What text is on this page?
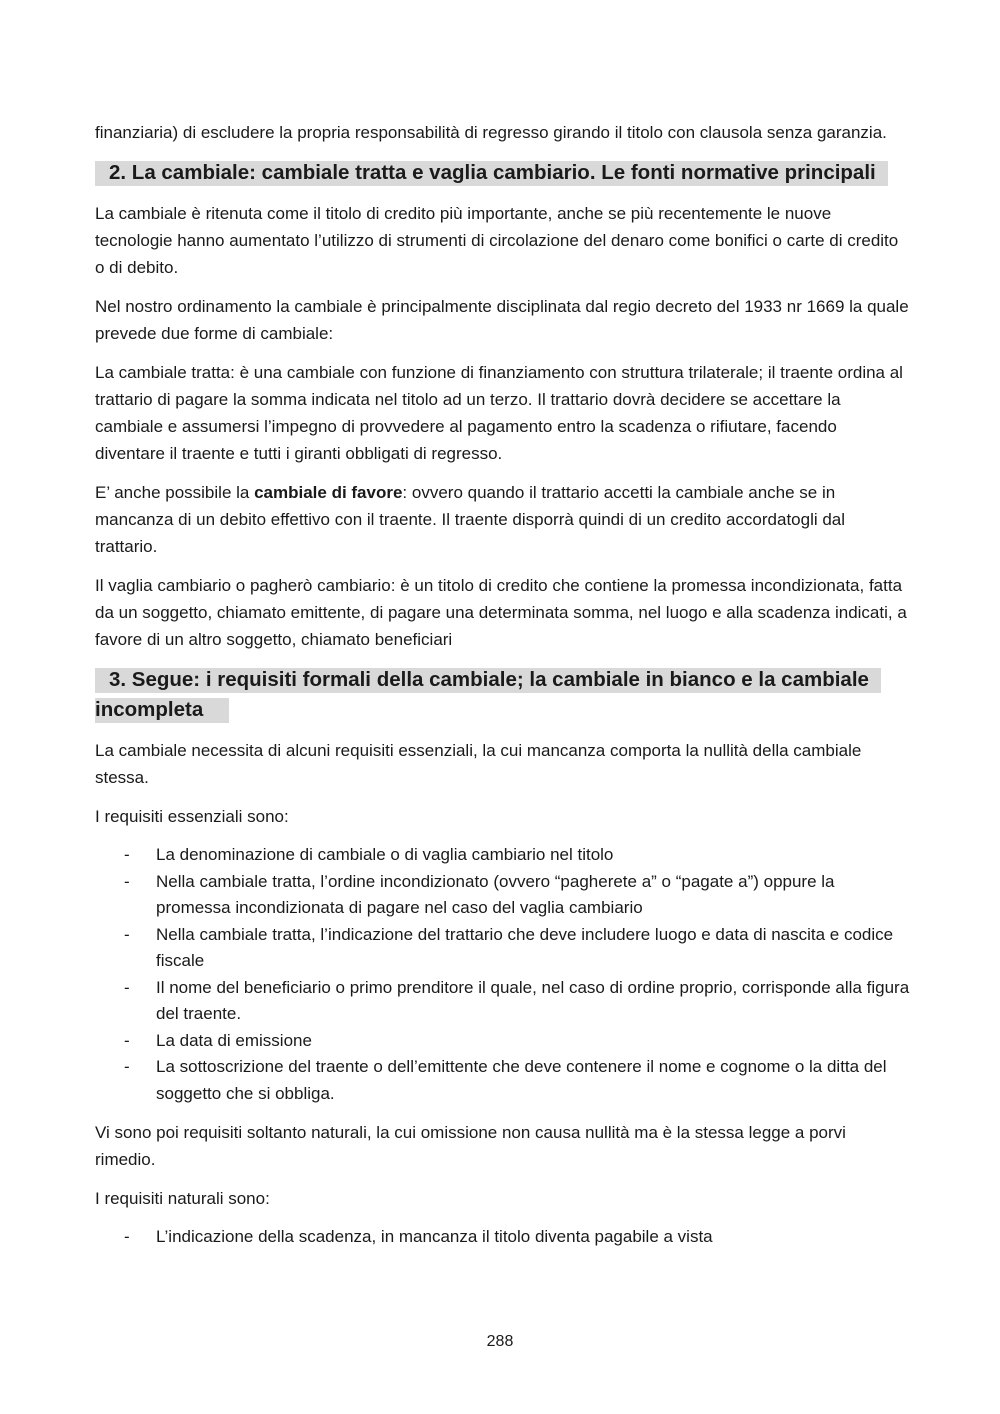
finanziaria) di escludere la propria responsabilità di regresso girando il titolo con clausola senza garanzia.

2. La cambiale: cambiale tratta e vaglia cambiario. Le fonti normative principali

La cambiale è ritenuta come il titolo di credito più importante, anche se più recentemente le nuove tecnologie hanno aumentato l’utilizzo di strumenti di circolazione del denaro come bonifici o carte di credito o di debito.

Nel nostro ordinamento la cambiale è principalmente disciplinata dal regio decreto del 1933 nr 1669 la quale prevede due forme di cambiale:

La cambiale tratta: è una cambiale con funzione di finanziamento con struttura trilaterale; il traente ordina al trattario di pagare la somma indicata nel titolo ad un terzo. Il trattario dovrà decidere se accettare la cambiale e assumersi l’impegno di provvedere al pagamento entro la scadenza o rifiutare, facendo diventare il traente e tutti i giranti obbligati di regresso.

E’ anche possibile la cambiale di favore: ovvero quando il trattario accetti la cambiale anche se in mancanza di un debito effettivo con il traente. Il traente disporrà quindi di un credito accordatogli dal trattario.

Il vaglia cambiario o pagherò cambiario: è un titolo di credito che contiene la promessa incondizionata, fatta da un soggetto, chiamato emittente, di pagare una determinata somma, nel luogo e alla scadenza indicati, a favore di un altro soggetto, chiamato beneficiari

3. Segue: i requisiti formali della cambiale; la cambiale in bianco e la cambiale
incompleta

La cambiale necessita di alcuni requisiti essenziali, la cui mancanza comporta la nullità della cambiale stessa.

I requisiti essenziali sono:

- La denominazione di cambiale o di vaglia cambiario nel titolo
- Nella cambiale tratta, l’ordine incondizionato (ovvero “pagherete a” o “pagate a”) oppure la promessa incondizionata di pagare nel caso del vaglia cambiario
- Nella cambiale tratta, l’indicazione del trattario che deve includere luogo e data di nascita e codice fiscale
- Il nome del beneficiario o primo prenditore il quale, nel caso di ordine proprio, corrisponde alla figura del traente.
- La data di emissione
- La sottoscrizione del traente o dell’emittente che deve contenere il nome e cognome o la ditta del soggetto che si obbliga.

Vi sono poi requisiti soltanto naturali, la cui omissione non causa nullità ma è la stessa legge a porvi rimedio.

I requisiti naturali sono:

- L’indicazione della scadenza, in mancanza il titolo diventa pagabile a vista
288
